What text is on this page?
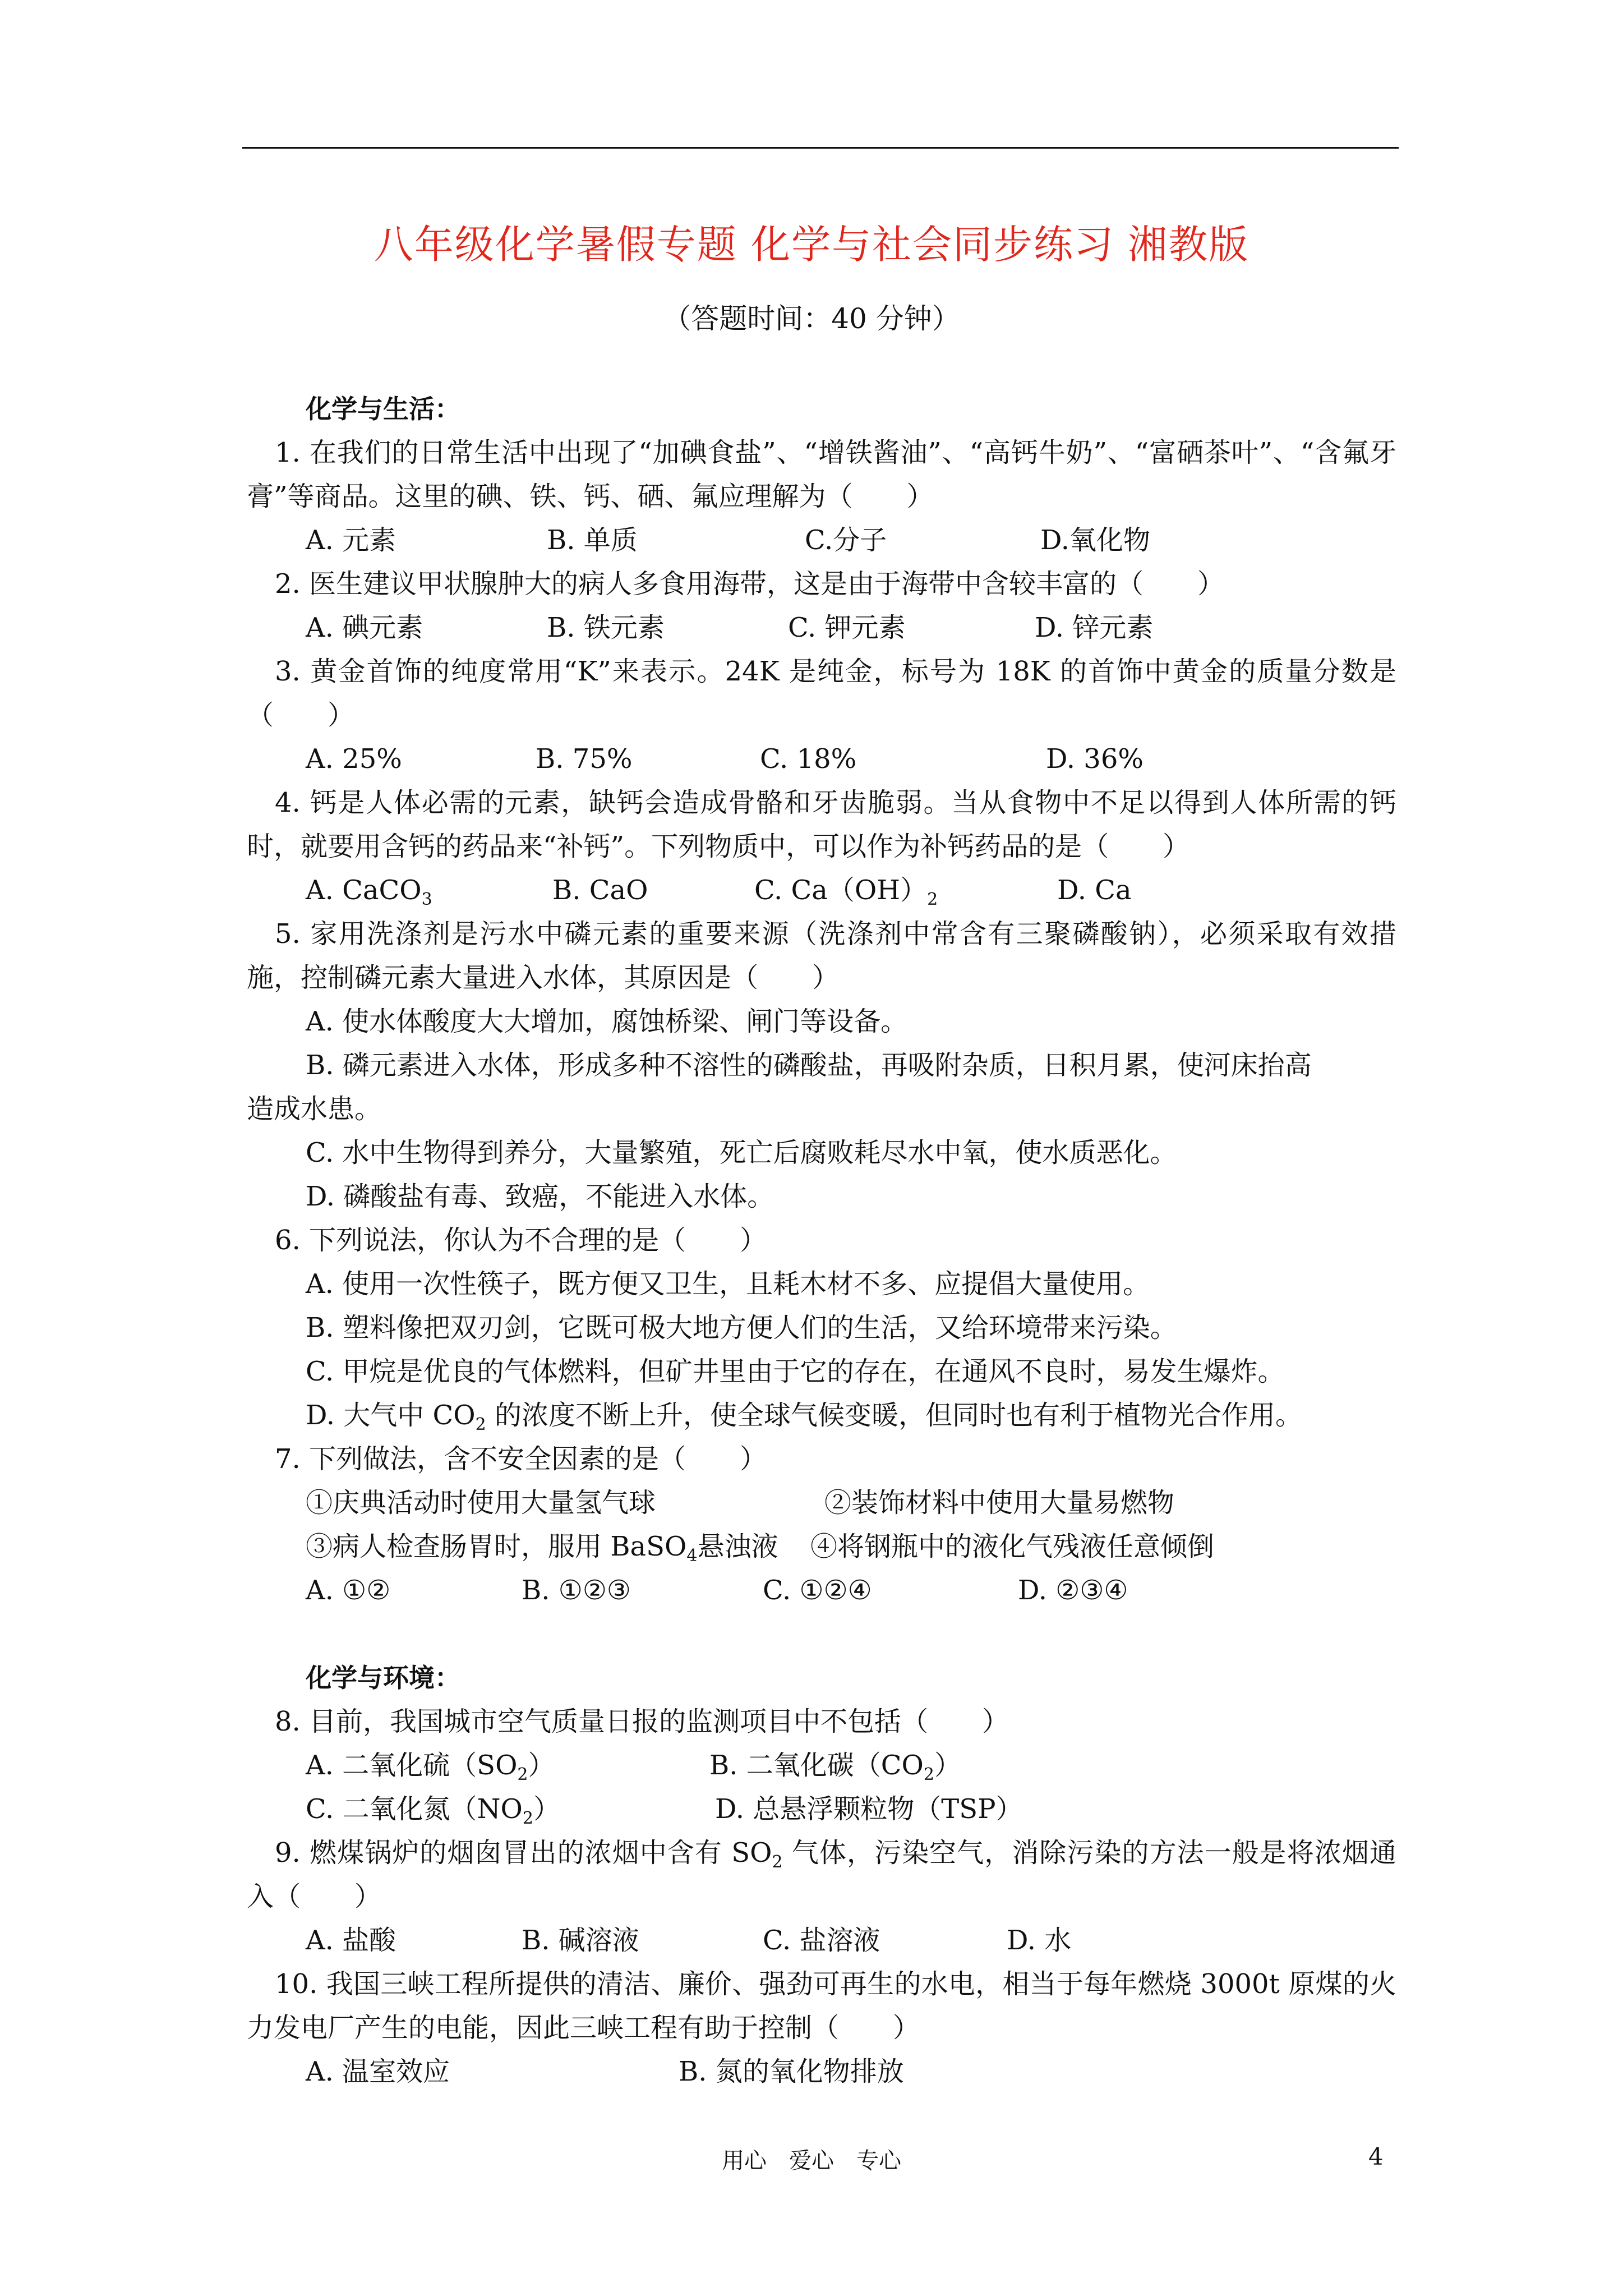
八年级化学暑假专题 化学与社会同步练习 湘教版
（答题时间：40 分钟）
化学与生活：
1. 在我们的日常生活中出现了“加碘食盐”、“增铁酱油”、“高钙牛奶”、“富硒茶叶”、“含氟牙膏”等商品。这里的碘、铁、钙、硒、氟应理解为（　　）
A. 元素	B. 单质	C.分子	D.氧化物
2. 医生建议甲状腺肿大的病人多食用海带，这是由于海带中含较丰富的（　　）
A. 碘元素	B. 铁元素	C. 钾元素	D. 锌元素
3. 黄金首饰的纯度常用“K”来表示。24K 是纯金，标号为 18K 的首饰中黄金的质量分数是（　　）
A. 25%	B. 75%	C. 18%	D. 36%
4. 钙是人体必需的元素，缺钙会造成骨骼和牙齿脆弱。当从食物中不足以得到人体所需的钙时，就要用含钙的药品来“补钙”。下列物质中，可以作为补钙药品的是（　　）
A. CaCO$_3$	B. CaO	C. $Ca(OH)_2$	D. Ca
5. 家用洗涤剂是污水中磷元素的重要来源（洗涤剂中常含有三聚磷酸钠），必须采取有效措施，控制磷元素大量进入水体，其原因是（　　）
A. 使水体酸度大大增加，腐蚀桥梁、闸门等设备。
B. 磷元素进入水体，形成多种不溶性的磷酸盐，再吸附杂质，日积月累，使河床抬高
造成水患。
C. 水中生物得到养分，大量繁殖，死亡后腐败耗尽水中氧，使水质恶化。
D. 磷酸盐有毒、致癌，不能进入水体。
6. 下列说法，你认为不合理的是（　　）
A. 使用一次性筷子，既方便又卫生，且耗木材不多、应提倡大量使用。
B. 塑料像把双刃剑，它既可极大地方便人们的生活，又给环境带来污染。
C. 甲烷是优良的气体燃料，但矿井里由于它的存在，在通风不良时，易发生爆炸。
D. 大气中 $CO_2$ 的浓度不断上升，使全球气候变暖，但同时也有利于植物光合作用。
7. 下列做法，含不安全因素的是（　　）
①庆典活动时使用大量氢气球	②装饰材料中使用大量易燃物
③病人检查肠胃时，服用 BaSO$_4$悬浊液	④将钢瓶中的液化气残液任意倾倒
A. ①②	B. ①②③	C. ①②④	D. ②③④
化学与环境：
8. 目前，我国城市空气质量日报的监测项目中不包括（　　）
A. 二氧化硫$(SO_2)$	B. 二氧化碳$(CO_2)$
C. 二氧化氮$(NO_2)$	D. 总悬浮颗粒物（TSP）
9. 燃煤锅炉的烟囱冒出的浓烟中含有 $SO_2$ 气体，污染空气，消除污染的方法一般是将浓烟通入（　　）
A. 盐酸	B. 碱溶液	C. 盐溶液	D. 水
10. 我国三峡工程所提供的清洁、廉价、强劲可再生的水电，相当于每年燃烧 3000t 原煤的火力发电厂产生的电能，因此三峡工程有助于控制（　　）
A. 温室效应	B. 氮的氧化物排放
用心　爱心　专心	4
